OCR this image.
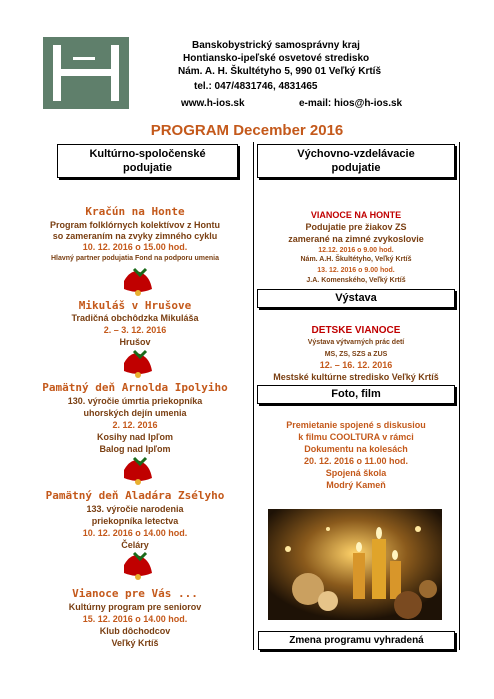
Banskobystrický samosprávny kraj
Hontiansko-ipeľské osvetové stredisko
Nám. A. H. Škultétyho 5, 990 01 Veľký Krtíš
tel.: 047/4831746, 4831465
www.h-ios.sk	e-mail: hios@h-ios.sk
PROGRAM December 2016
Kultúrno-spoločenské
podujatie
Výchovno-vzdelávacie
podujatie
Kračún na Honte
Program folklórnych kolektívov z Hontu
so zameraním na zvyky zimného cyklu
10. 12. 2016 o 15.00 hod.
Hlavný partner podujatia Fond na podporu umenia
Mikuláš v Hrušove
Tradičná obchôdzka Mikuláša
2. – 3. 12. 2016
Hrušov
Pamätný deň Arnolda Ipolyiho
130. výročie úmrtia priekopníka
uhorských dejín umenia
2. 12. 2016
Kosihy nad Ipľom
Balog nad Ipľom
Pamätný deň Aladára Zsélyho
133. výročie narodenia
priekopníka letectva
10. 12. 2016 o 14.00 hod.
Čeláry
Vianoce pre Vás ...
Kultúrny program pre seniorov
15. 12. 2016 o 14.00 hod.
Klub dôchodcov
Veľký Krtíš
VIANOCE NA HONTE
Podujatie pre žiakov ZS
zamerané na zimné zvykoslovie
12.12. 2016 o 9.00 hod.
Nám. A.H. Škultétyho, Veľký Krtíš
13. 12. 2016 o 9.00 hod.
J.A. Komenského, Veľký Krtíš
Výstava
DETSKE VIANOCE
Výstava výtvarných prác detí
MS, ZS, SZS a ZUS
12. – 16. 12. 2016
Mestské kultúrne stredisko Veľký Krtíš
Foto, film
Premietanie spojené s diskusiou
k filmu COOLTURA v rámci
Dokumentu na kolesách
20. 12. 2016 o 11.00 hod.
Spojená škola
Modrý Kameň
Zmena programu vyhradená
